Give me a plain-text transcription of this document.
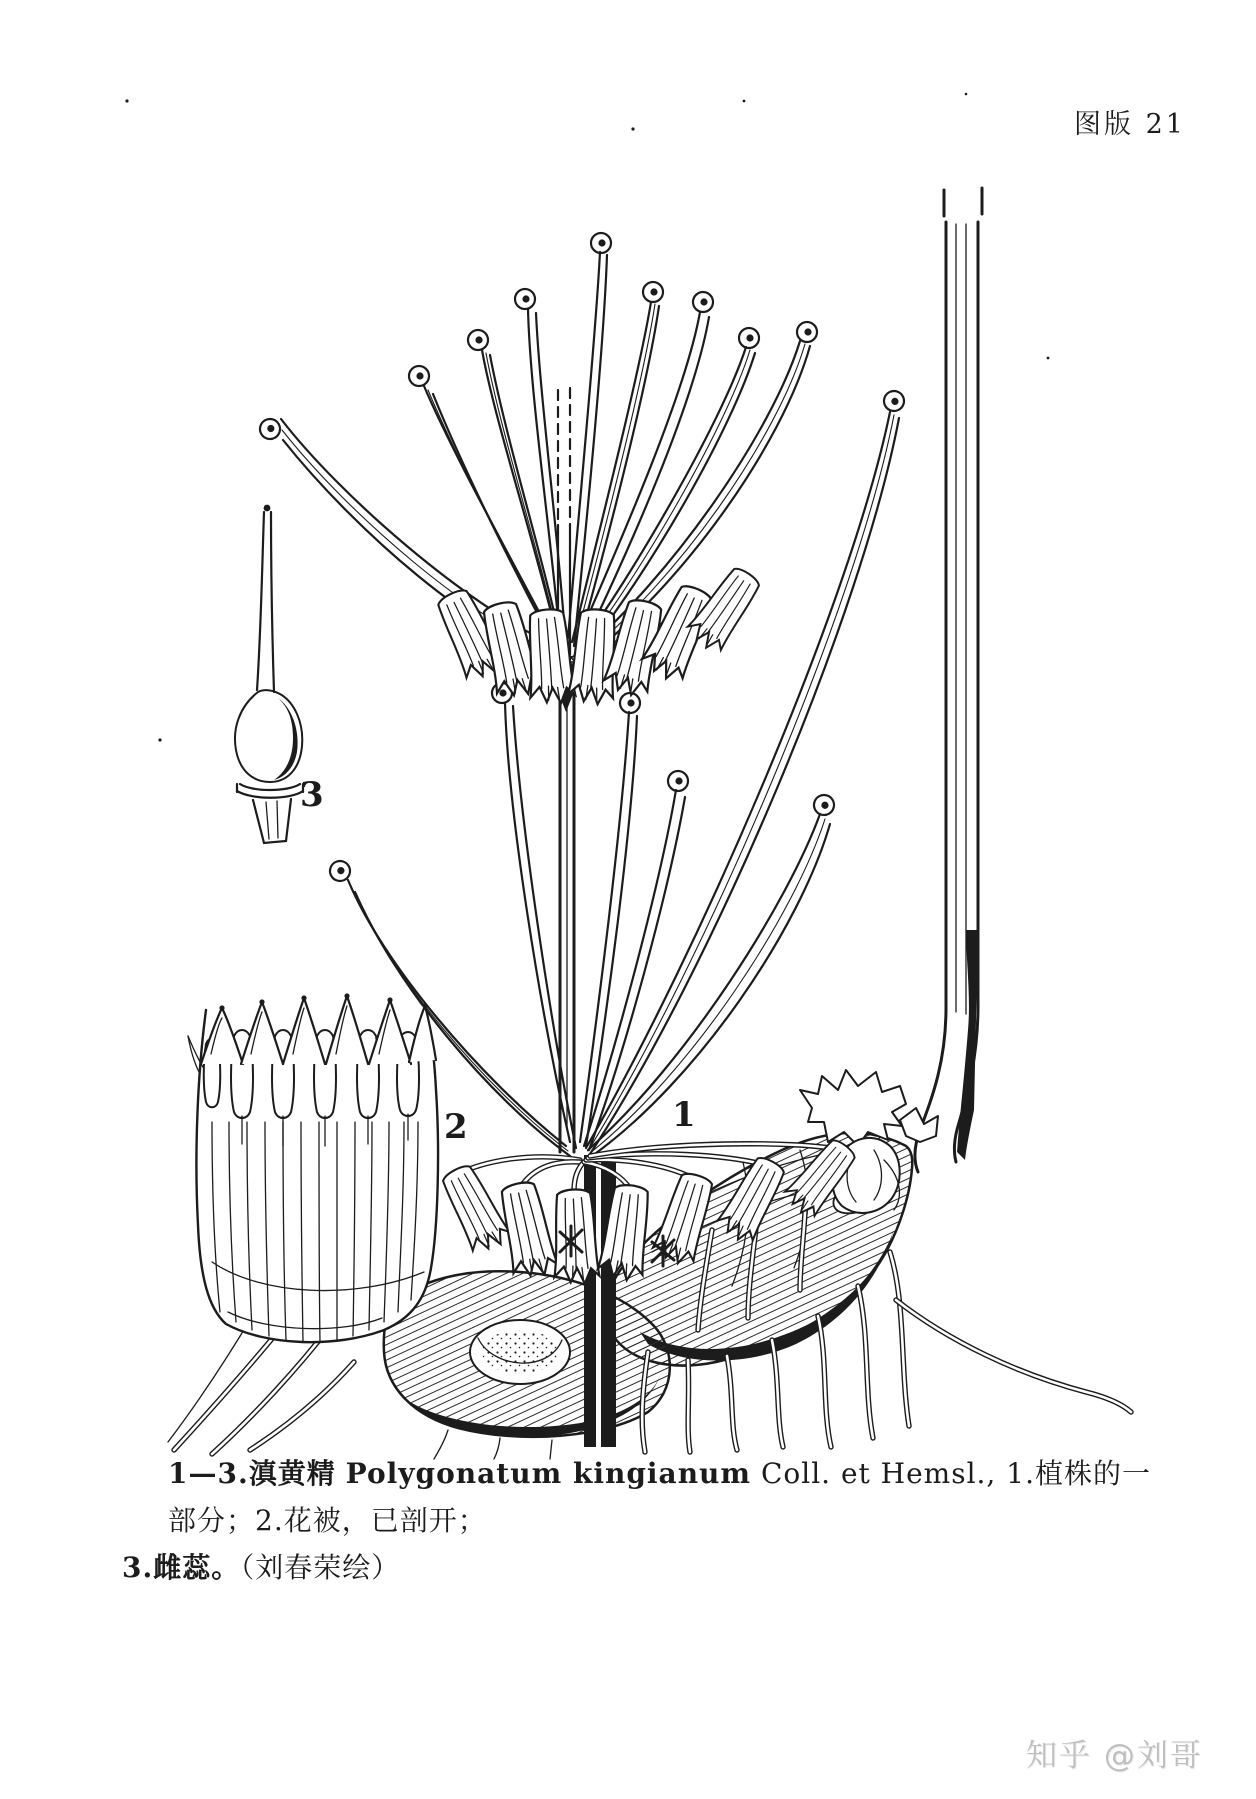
图版 21
1
2
3
1—3.滇黄精 Polygonatum kingianum Coll. et Hemsl., 1.植株的一部分；2.花被，已剖开；
3.雌蕊。（刘春荣绘）
知乎 @刘哥
